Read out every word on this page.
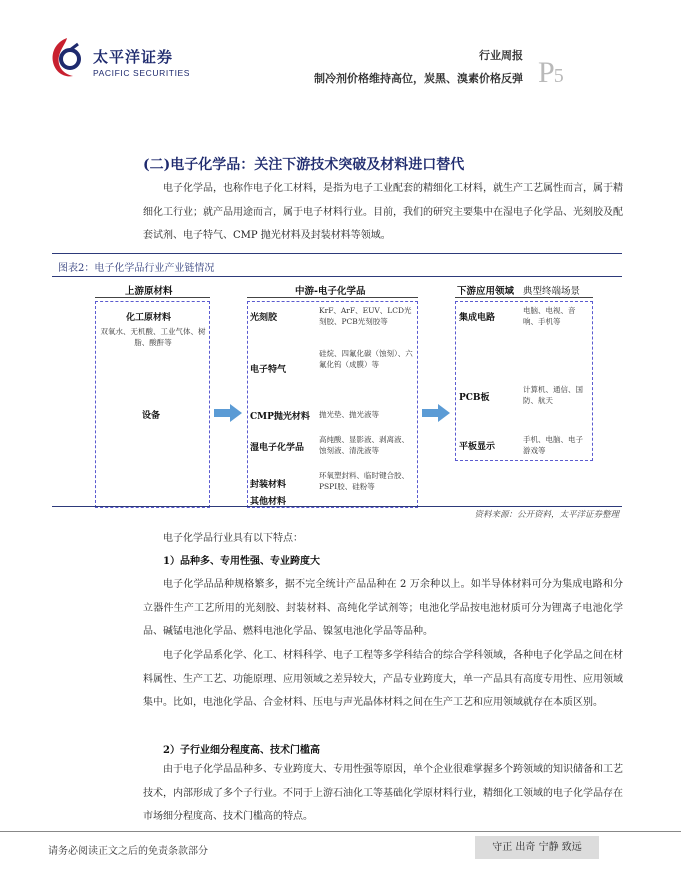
太平洋证券
PACIFIC SECURITIES
行业周报
制冷剂价格维持高位，炭黑、溴素价格反弹 P5
(二)电子化学品：关注下游技术突破及材料进口替代
电子化学品，也称作电子化工材料，是指为电子工业配套的精细化工材料，就生产工艺属性而言，属于精细化工行业；就产品用途而言，属于电子材料行业。目前，我们的研究主要集中在湿电子化学品、光刻胶及配套试剂、电子特气、CMP 抛光材料及封装材料等领域。
图表2：电子化学品行业产业链情况
上游原材料	中游-电子化学品	下游应用领域 典型终端场景
化工原材料
双氧水、无机酸、工业气体、树脂、酸酐等
设备
光刻胶
KrF、ArF、EUV、LCD光刻胶、PCB光刻胶等
电子特气
硅烷、四氟化碳（蚀刻）、六氟化钨（成膜）等
CMP抛光材料 抛光垫、抛光液等
湿电子化学品
高纯酸、显影液、剥离液、蚀刻液、清洗液等
封装材料
环氧塑封料、临时键合胶、PSPI胶、硅粉等
其他材料
集成电路
电脑、电视、音响、手机等
PCB板
计算机、通信、国防、航天
平板显示
手机、电脑、电子游戏等
资料来源：公开资料，太平洋证券整理
电子化学品行业具有以下特点：
1）品种多、专用性强、专业跨度大
电子化学品品种规格繁多，据不完全统计产品品种在 2 万余种以上。如半导体材料可分为集成电路和分立器件生产工艺所用的光刻胶、封装材料、高纯化学试剂等；电池化学品按电池材质可分为锂离子电池化学品、碱锰电池化学品、燃料电池化学品、镍氢电池化学品等品种。
电子化学品系化学、化工、材料科学、电子工程等多学科结合的综合学科领域，各种电子化学品之间在材料属性、生产工艺、功能原理、应用领域之差异较大，产品专业跨度大，单一产品具有高度专用性、应用领域集中。比如，电池化学品、合金材料、压电与声光晶体材料之间在生产工艺和应用领域就存在本质区别。
2）子行业细分程度高、技术门槛高
由于电子化学品品种多、专业跨度大、专用性强等原因，单个企业很难掌握多个跨领域的知识储备和工艺技术，内部形成了多个子行业。不同于上游石油化工等基础化学原材料行业，精细化工领域的电子化学品存在市场细分程度高、技术门槛高的特点。
请务必阅读正文之后的免责条款部分	守正 出奇 宁静 致远
